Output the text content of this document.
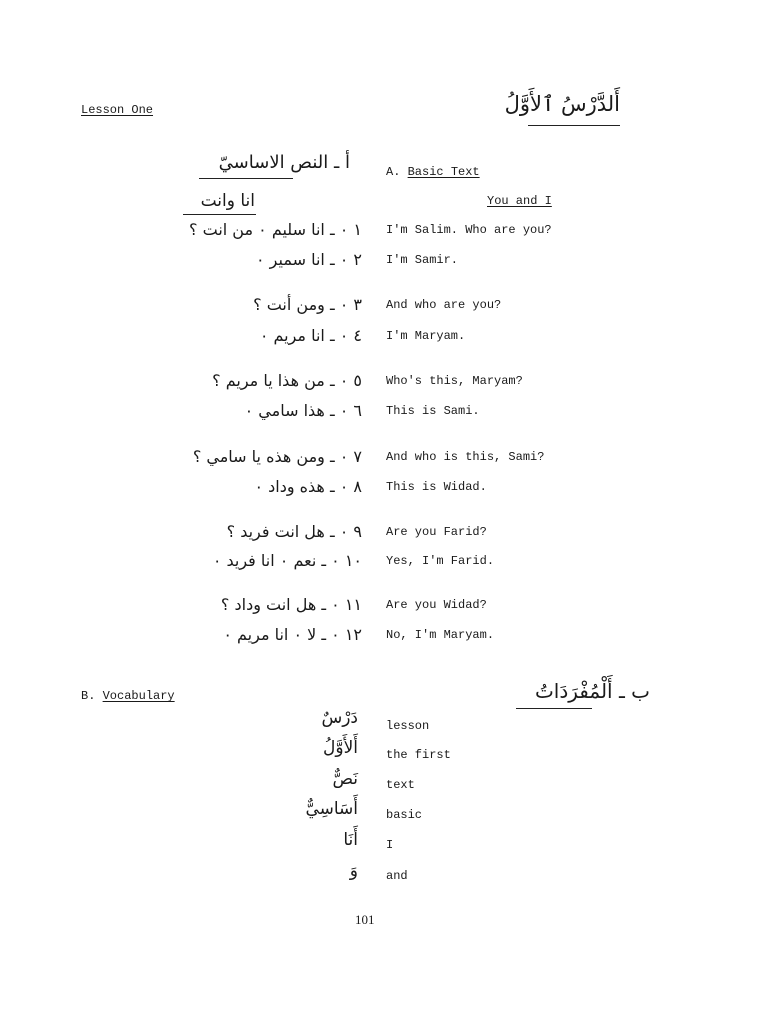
Lesson One	أَلدَّرْسُ ٱلأَوَّلُ
أ ـ النص الاساسيّ	A. Basic Text
انا وانت	You and I
١ ٠ ـ انا سليم ٠ من انت ؟ I'm Salim. Who are you?
٢ ٠ ـ انا سمير ٠ I'm Samir.
٣ ٠ ـ ومن أنت ؟ And who are you?
٤ ٠ ـ انا مريم ٠ I'm Maryam.
٥ ٠ ـ من هذا يا مريم ؟ Who's this, Maryam?
٦ ٠ ـ هذا سامي ٠ This is Sami.
٧ ٠ ـ ومن هذه يا سامي ؟ And who is this, Sami?
٨ ٠ ـ هذه وداد ٠ This is Widad.
٩ ٠ ـ هل انت فريد ؟ Are you Farid?
١٠ ٠ ـ نعم ٠ انا فريد ٠ Yes, I'm Farid.
١١ ٠ ـ هل انت وداد ؟ Are you Widad?
١٢ ٠ ـ لا ٠ انا مريم ٠ No, I'm Maryam.
B. Vocabulary	ب ـ أَلْمُفْرَدَاتُ
دَرْسٌ lesson
أَلأَوَّلُ the first
نَصٌّ text
أَسَاسِيٌّ basic
أَنَا I
وَ and
101
